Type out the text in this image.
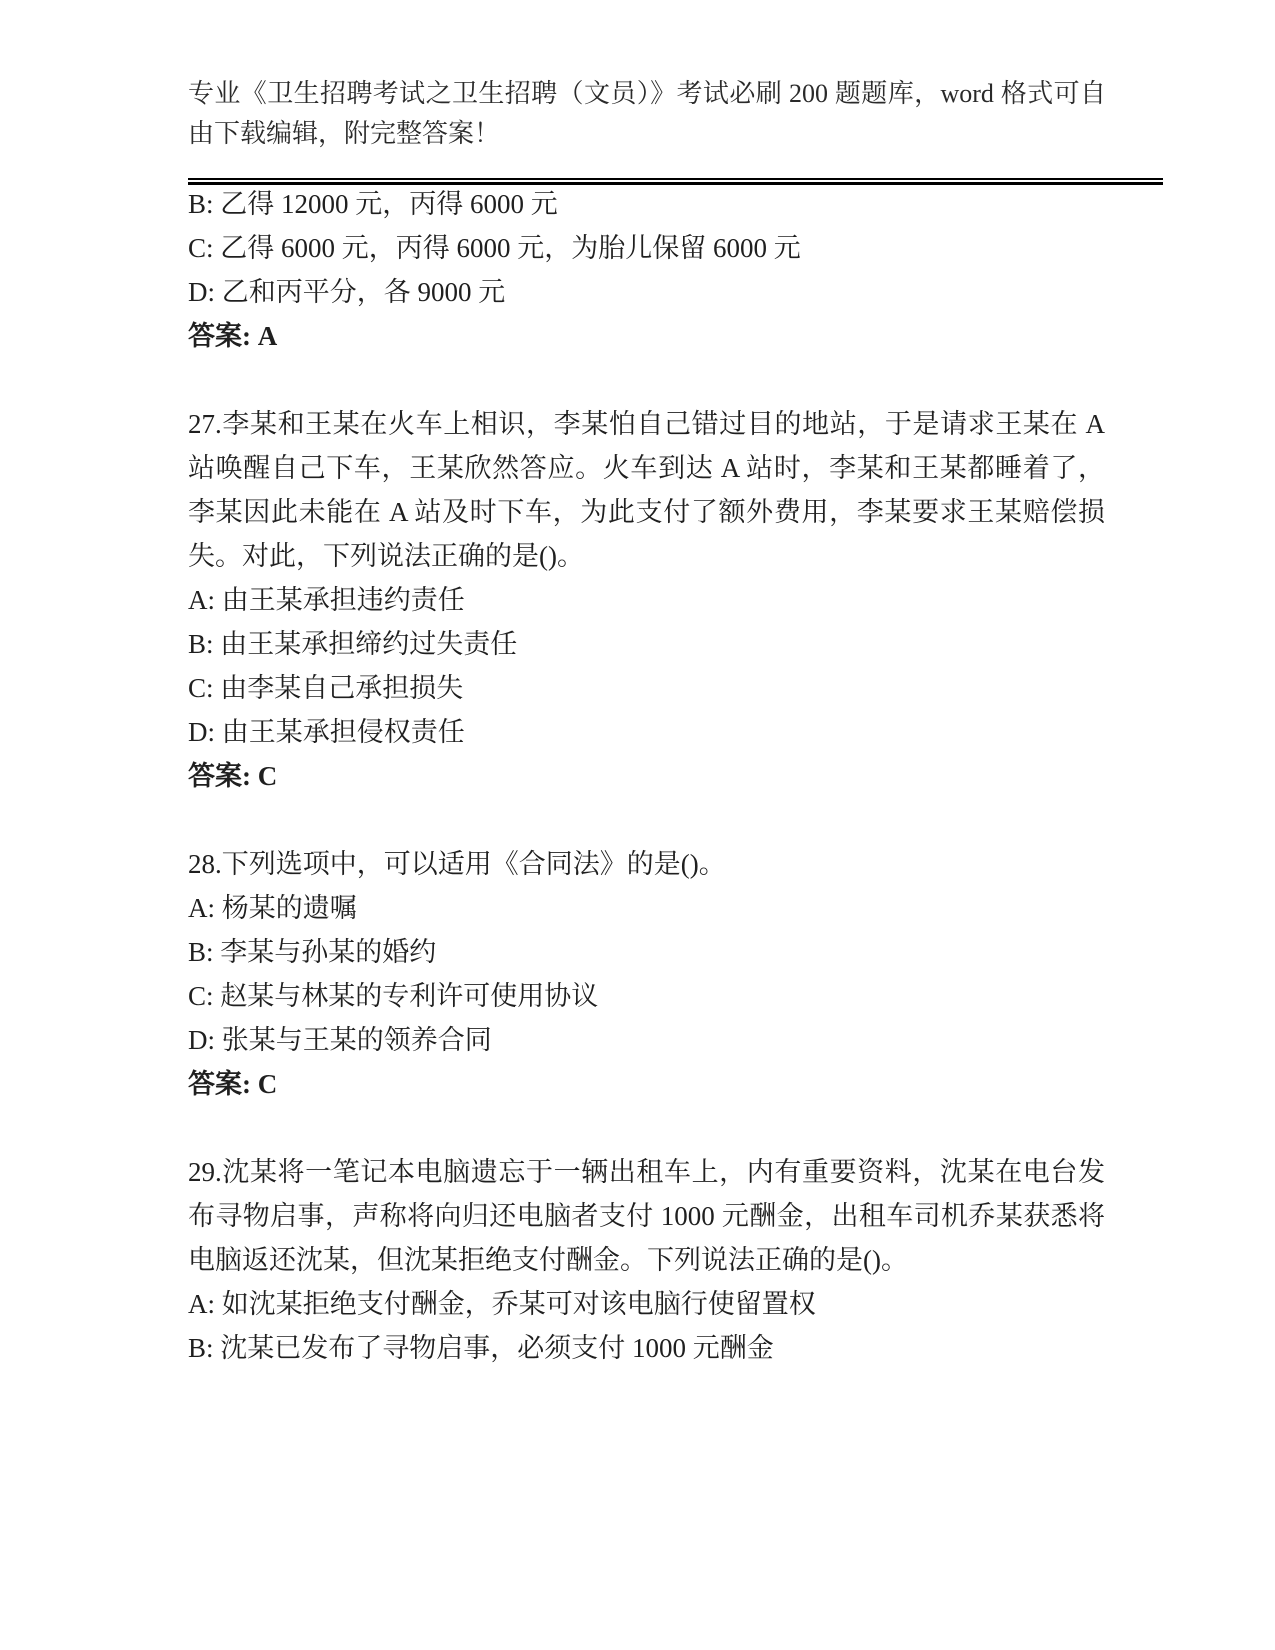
专业《卫生招聘考试之卫生招聘（文员）》考试必刷 200 题题库，word 格式可自由下载编辑，附完整答案！

B: 乙得 12000 元，丙得 6000 元

C: 乙得 6000 元，丙得 6000 元，为胎儿保留 6000 元

D: 乙和丙平分，各 9000 元

答案: A

27.李某和王某在火车上相识，李某怕自己错过目的地站，于是请求王某在 A 站唤醒自己下车，王某欣然答应。火车到达 A 站时，李某和王某都睡着了，李某因此未能在 A 站及时下车，为此支付了额外费用，李某要求王某赔偿损失。对此，下列说法正确的是()。

A: 由王某承担违约责任

B: 由王某承担缔约过失责任

C: 由李某自己承担损失

D: 由王某承担侵权责任

答案: C

28.下列选项中，可以适用《合同法》的是()。

A: 杨某的遗嘱

B: 李某与孙某的婚约

C: 赵某与林某的专利许可使用协议

D: 张某与王某的领养合同

答案: C

29.沈某将一笔记本电脑遗忘于一辆出租车上，内有重要资料，沈某在电台发布寻物启事，声称将向归还电脑者支付 1000 元酬金，出租车司机乔某获悉将电脑返还沈某，但沈某拒绝支付酬金。下列说法正确的是()。

A: 如沈某拒绝支付酬金，乔某可对该电脑行使留置权

B: 沈某已发布了寻物启事，必须支付 1000 元酬金
